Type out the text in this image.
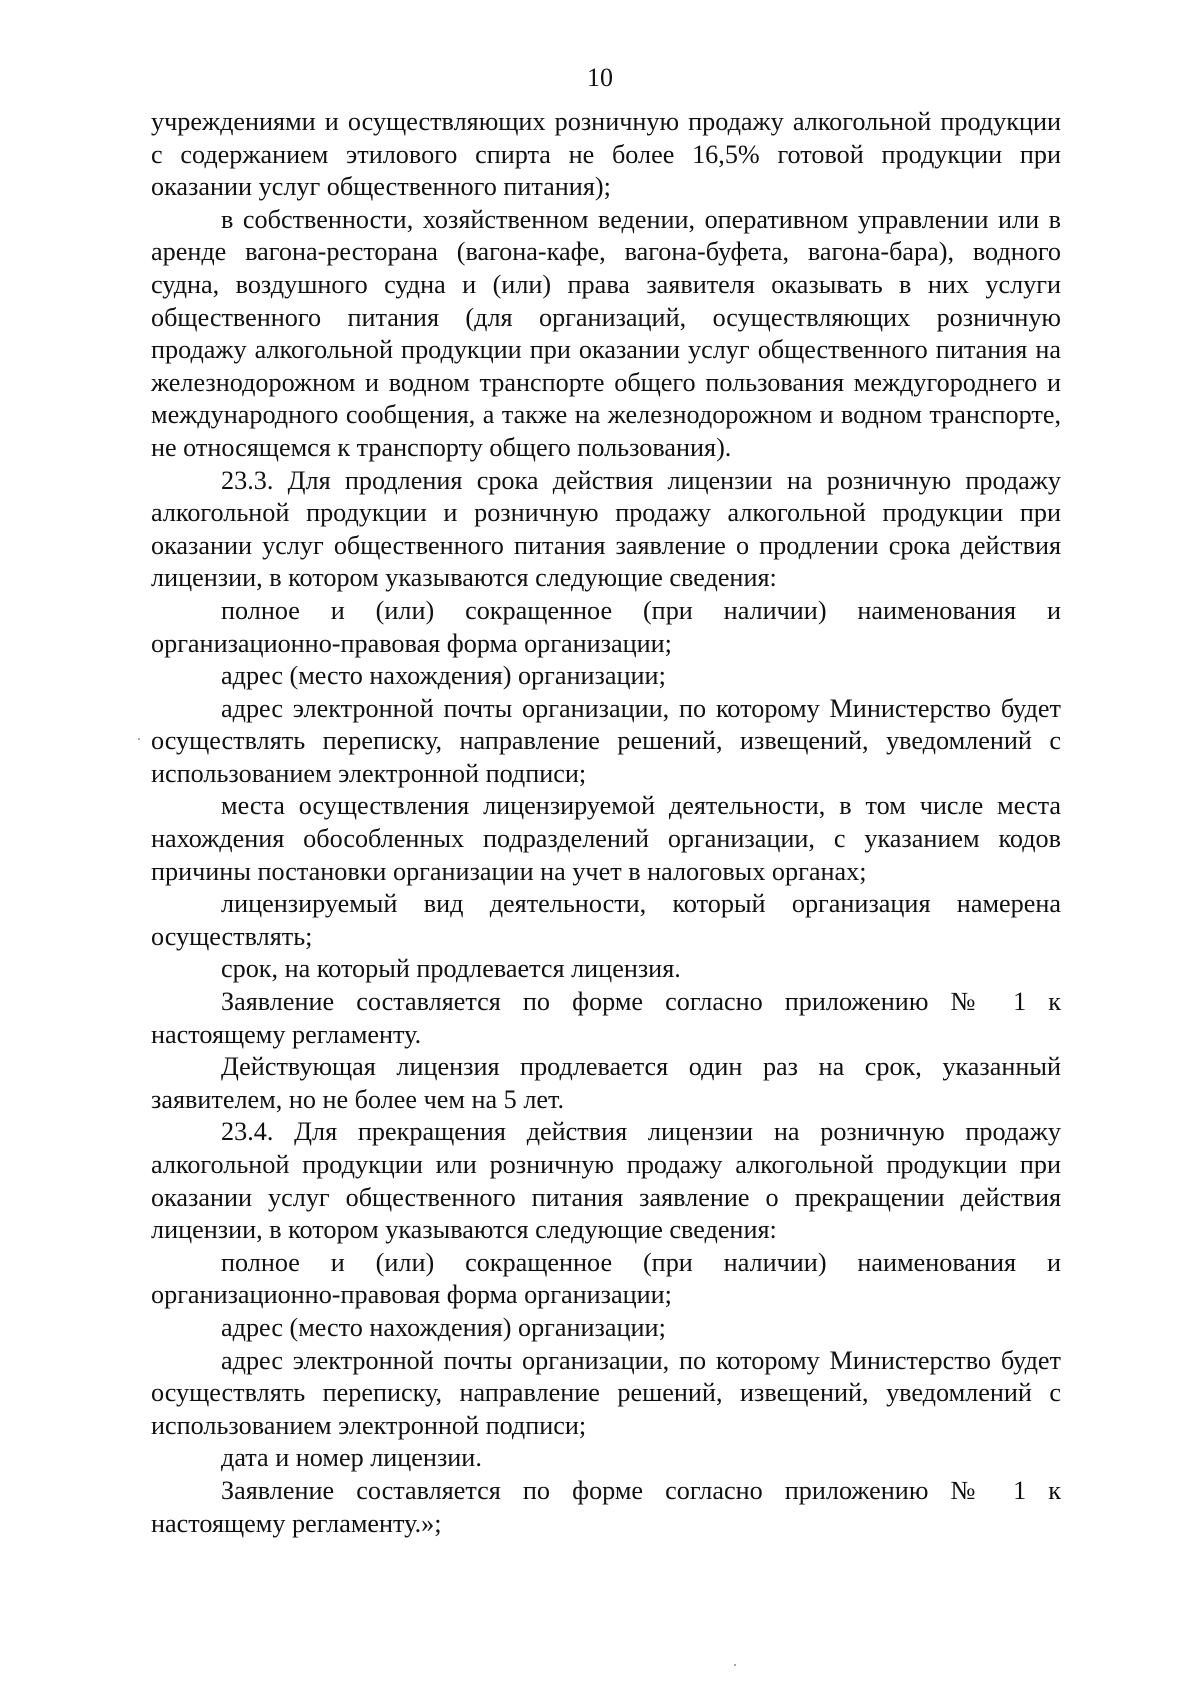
10

учреждениями и осуществляющих розничную продажу алкогольной продукции с содержанием этилового спирта не более 16,5% готовой продукции при оказании услуг общественного питания);

в собственности, хозяйственном ведении, оперативном управлении или в аренде вагона-ресторана (вагона-кафе, вагона-буфета, вагона-бара), водного судна, воздушного судна и (или) права заявителя оказывать в них услуги общественного питания (для организаций, осуществляющих розничную продажу алкогольной продукции при оказании услуг общественного питания на железнодорожном и водном транспорте общего пользования междугороднего и международного сообщения, а также на железнодорожном и водном транспорте, не относящемся к транспорту общего пользования).

23.3. Для продления срока действия лицензии на розничную продажу алкогольной продукции и розничную продажу алкогольной продукции при оказании услуг общественного питания заявление о продлении срока действия лицензии, в котором указываются следующие сведения:

полное и (или) сокращенное (при наличии) наименования и организационно-правовая форма организации;

адрес (место нахождения) организации;

адрес электронной почты организации, по которому Министерство будет осуществлять переписку, направление решений, извещений, уведомлений с использованием электронной подписи;

места осуществления лицензируемой деятельности, в том числе места нахождения обособленных подразделений организации, с указанием кодов причины постановки организации на учет в налоговых органах;

лицензируемый вид деятельности, который организация намерена осуществлять;

срок, на который продлевается лицензия.

Заявление составляется по форме согласно приложению № 1 к настоящему регламенту.

Действующая лицензия продлевается один раз на срок, указанный заявителем, но не более чем на 5 лет.

23.4. Для прекращения действия лицензии на розничную продажу алкогольной продукции или розничную продажу алкогольной продукции при оказании услуг общественного питания заявление о прекращении действия лицензии, в котором указываются следующие сведения:

полное и (или) сокращенное (при наличии) наименования и организационно-правовая форма организации;

адрес (место нахождения) организации;

адрес электронной почты организации, по которому Министерство будет осуществлять переписку, направление решений, извещений, уведомлений с использованием электронной подписи;

дата и номер лицензии.

Заявление составляется по форме согласно приложению № 1 к настоящему регламенту.»;
